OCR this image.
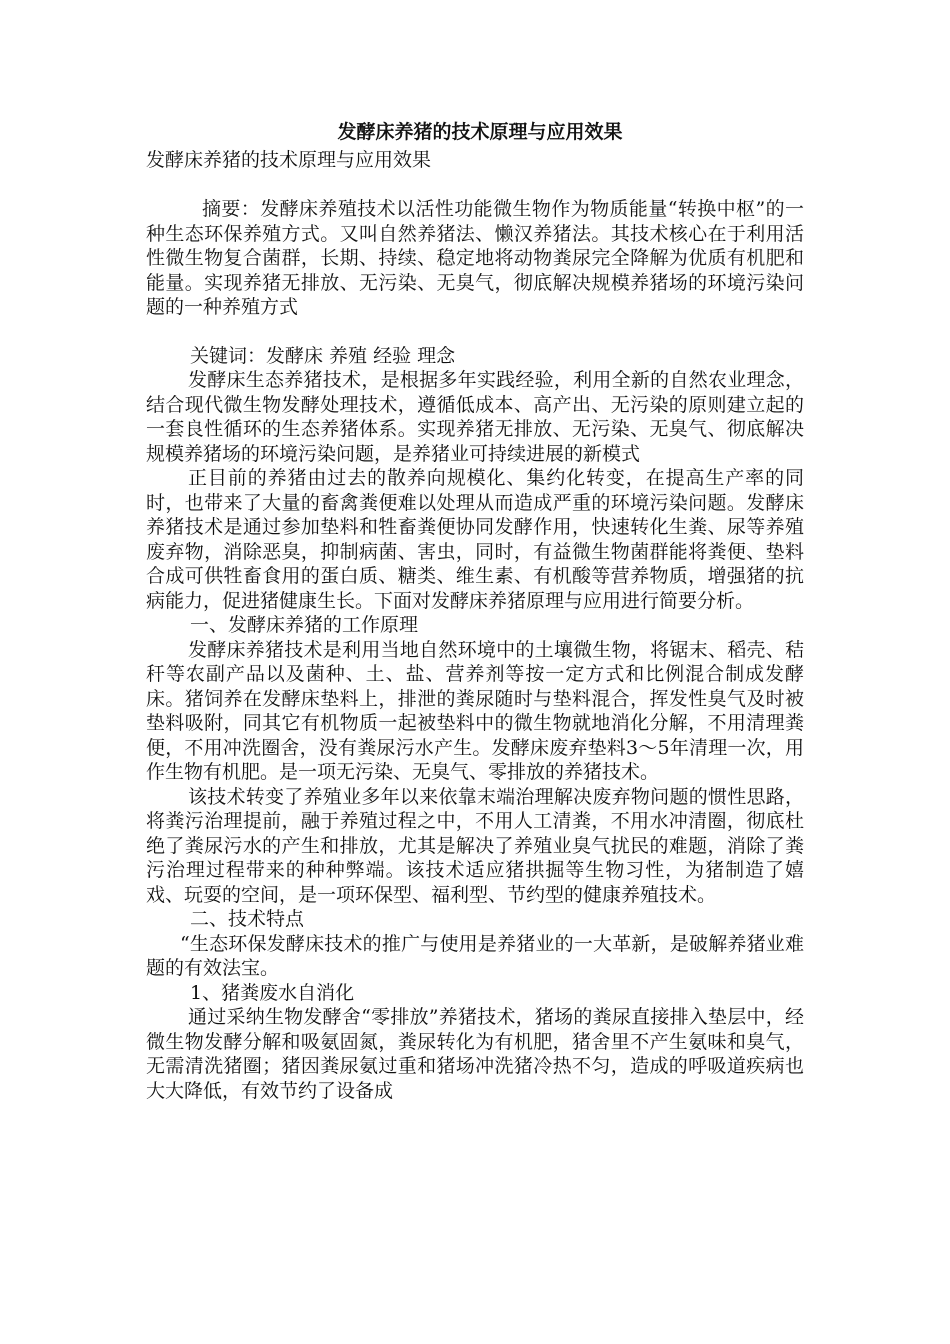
发酵床养猪的技术原理与应用效果
发酵床养猪的技术原理与应用效果

摘要：发酵床养殖技术以活性功能微生物作为物质能量“转换中枢”的一种生态环保养殖方式。又叫自然养猪法、懒汉养猪法。其技术核心在于利用活性微生物复合菌群，长期、持续、稳定地将动物粪尿完全降解为优质有机肥和能量。实现养猪无排放、无污染、无臭气，彻底解决规模养猪场的环境污染问题的一种养殖方式

关键词：发酵床 养殖 经验 理念

发酵床生态养猪技术，是根据多年实践经验，利用全新的自然农业理念，结合现代微生物发酵处理技术，遵循低成本、高产出、无污染的原则建立起的一套良性循环的生态养猪体系。实现养猪无排放、无污染、无臭气、彻底解决规模养猪场的环境污染问题，是养猪业可持续进展的新模式

正目前的养猪由过去的散养向规模化、集约化转变，在提高生产率的同时，也带来了大量的畜禽粪便难以处理从而造成严重的环境污染问题。发酵床养猪技术是通过参加垫料和牲畜粪便协同发酵作用，快速转化生粪、尿等养殖废弃物，消除恶臭，抑制病菌、害虫，同时，有益微生物菌群能将粪便、垫料合成可供牲畜食用的蛋白质、糖类、维生素、有机酸等营养物质，增强猪的抗病能力，促进猪健康生长。下面对发酵床养猪原理与应用进行简要分析。

一、发酵床养猪的工作原理

发酵床养猪技术是利用当地自然环境中的土壤微生物，将锯末、稻壳、秸秆等农副产品以及菌种、土、盐、营养剂等按一定方式和比例混合制成发酵床。猪饲养在发酵床垫料上，排泄的粪尿随时与垫料混合，挥发性臭气及时被垫料吸附，同其它有机物质一起被垫料中的微生物就地消化分解，不用清理粪便，不用冲洗圈舍，没有粪尿污水产生。发酵床废弃垫料3～5年清理一次，用作生物有机肥。是一项无污染、无臭气、零排放的养猪技术。

该技术转变了养殖业多年以来依靠末端治理解决废弃物问题的惯性思路，将粪污治理提前，融于养殖过程之中，不用人工清粪，不用水冲清圈，彻底杜绝了粪尿污水的产生和排放，尤其是解决了养殖业臭气扰民的难题，消除了粪污治理过程带来的种种弊端。该技术适应猪拱掘等生物习性，为猪制造了嬉戏、玩耍的空间，是一项环保型、福利型、节约型的健康养殖技术。

二、技术特点

“生态环保发酵床技术的推广与使用是养猪业的一大革新，是破解养猪业难题的有效法宝。

1、猪粪废水自消化

通过采纳生物发酵舍“零排放”养猪技术，猪场的粪尿直接排入垫层中，经微生物发酵分解和吸氨固氮，粪尿转化为有机肥，猪舍里不产生氨味和臭气，无需清洗猪圈；猪因粪尿氨过重和猪场冲洗猪冷热不匀，造成的呼吸道疾病也大大降低，有效节约了设备成
